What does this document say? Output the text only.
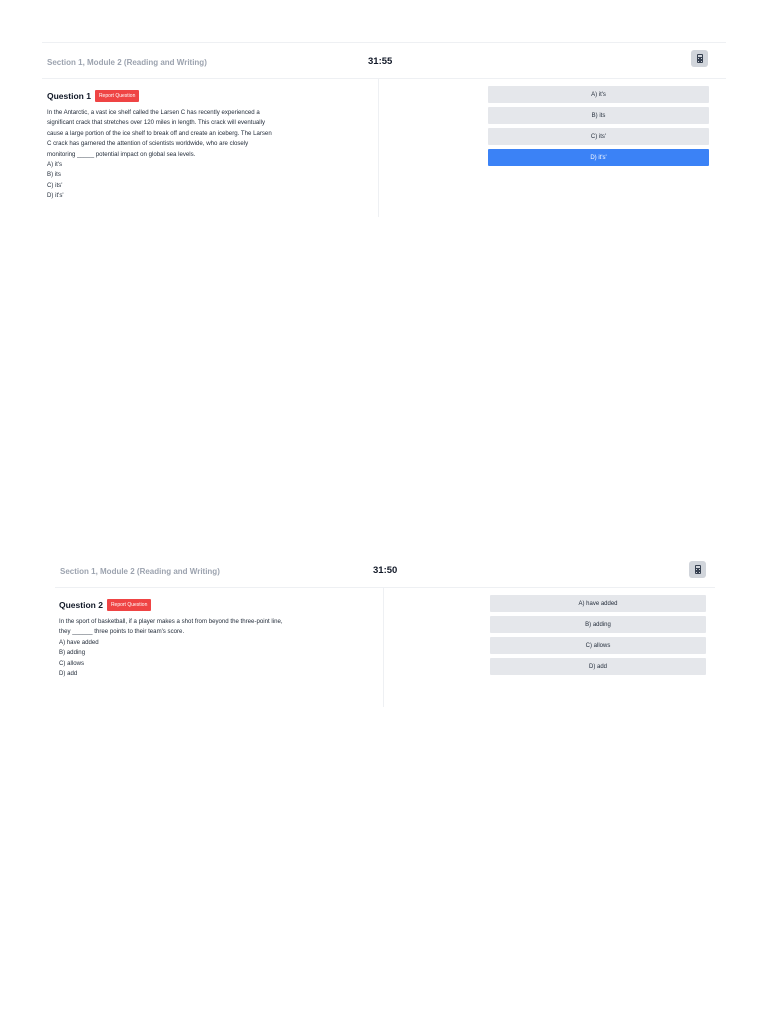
Section 1, Module 2 (Reading and Writing)	31:55
Question 1	Report Question

In the Antarctic, a vast ice shelf called the Larsen C has recently experienced a significant crack that stretches over 120 miles in length. This crack will eventually cause a large portion of the ice shelf to break off and create an iceberg. The Larsen C crack has garnered the attention of scientists worldwide, who are closely monitoring _____ potential impact on global sea levels.

A) it's
B) its
C) its'
D) it's'
A) it's
B) its
C) its'
D) it's'
Section 1, Module 2 (Reading and Writing)	31:50
Question 2	Report Question

In the sport of basketball, if a player makes a shot from beyond the three-point line, they ______ three points to their team's score.

A) have added
B) adding
C) allows
D) add
A) have added
B) adding
C) allows
D) add
